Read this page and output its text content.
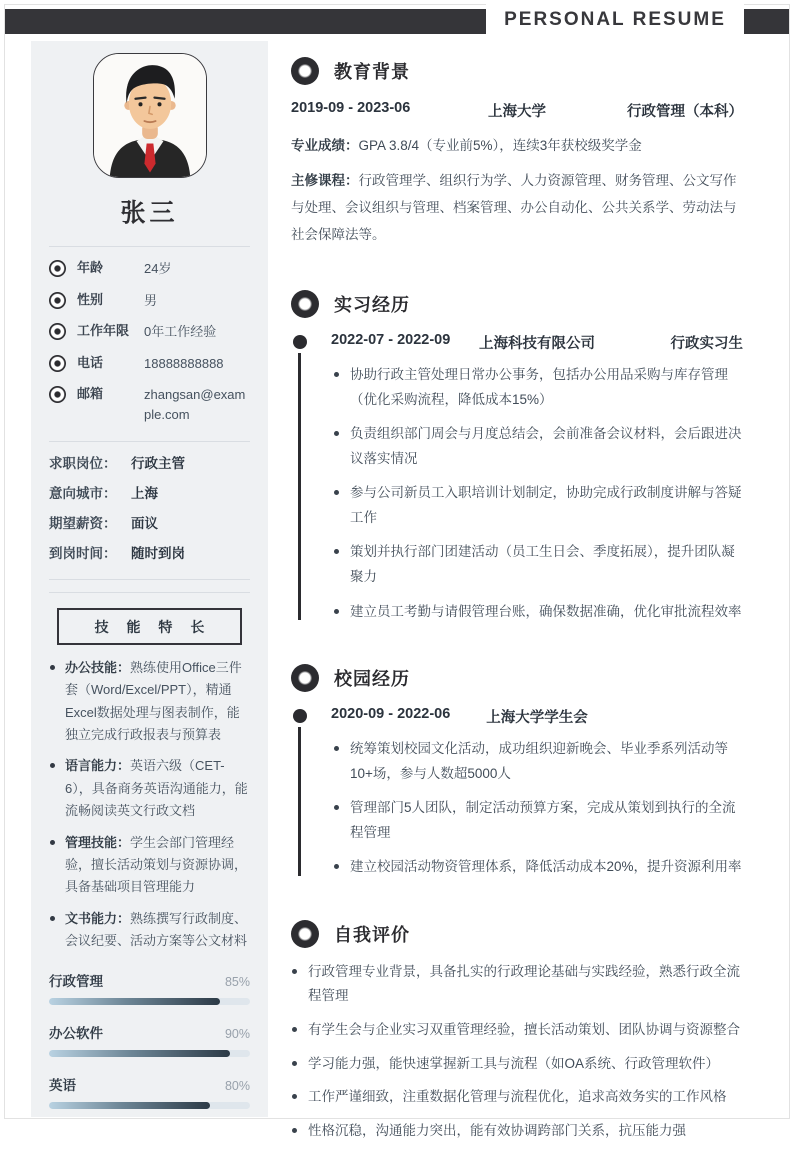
PERSONAL RESUME
张三
年龄	24岁
性别	男
工作年限	0年工作经验
电话	18888888888
邮箱	zhangsan@example.com
求职岗位：	行政主管
意向城市：	上海
期望薪资：	面议
到岗时间：	随时到岗
技 能 特 长
办公技能：熟练使用Office三件套（Word/Excel/PPT），精通Excel数据处理与图表制作，能独立完成行政报表与预算表
语言能力：英语六级（CET-6），具备商务英语沟通能力，能流畅阅读英文行政文档
管理技能：学生会部门管理经验，擅长活动策划与资源协调，具备基础项目管理能力
文书能力：熟练撰写行政制度、会议纪要、活动方案等公文材料
行政管理	85%
办公软件	90%
英语	80%
教育背景
2019-09 - 2023-06	上海大学	行政管理（本科）
专业成绩：GPA 3.8/4（专业前5%），连续3年获校级奖学金
主修课程：行政管理学、组织行为学、人力资源管理、财务管理、公文写作与处理、会议组织与管理、档案管理、办公自动化、公共关系学、劳动法与社会保障法等。
实习经历
2022-07 - 2022-09	上海科技有限公司	行政实习生
协助行政主管处理日常办公事务，包括办公用品采购与库存管理（优化采购流程，降低成本15%）
负责组织部门周会与月度总结会，会前准备会议材料，会后跟进决议落实情况
参与公司新员工入职培训计划制定，协助完成行政制度讲解与答疑工作
策划并执行部门团建活动（员工生日会、季度拓展），提升团队凝聚力
建立员工考勤与请假管理台账，确保数据准确，优化审批流程效率
校园经历
2020-09 - 2022-06	上海大学学生会
统筹策划校园文化活动，成功组织迎新晚会、毕业季系列活动等10+场，参与人数超5000人
管理部门5人团队，制定活动预算方案，完成从策划到执行的全流程管理
建立校园活动物资管理体系，降低活动成本20%，提升资源利用率
自我评价
行政管理专业背景，具备扎实的行政理论基础与实践经验，熟悉行政全流程管理
有学生会与企业实习双重管理经验，擅长活动策划、团队协调与资源整合
学习能力强，能快速掌握新工具与流程（如OA系统、行政管理软件）
工作严谨细致，注重数据化管理与流程优化，追求高效务实的工作风格
性格沉稳，沟通能力突出，能有效协调跨部门关系，抗压能力强
